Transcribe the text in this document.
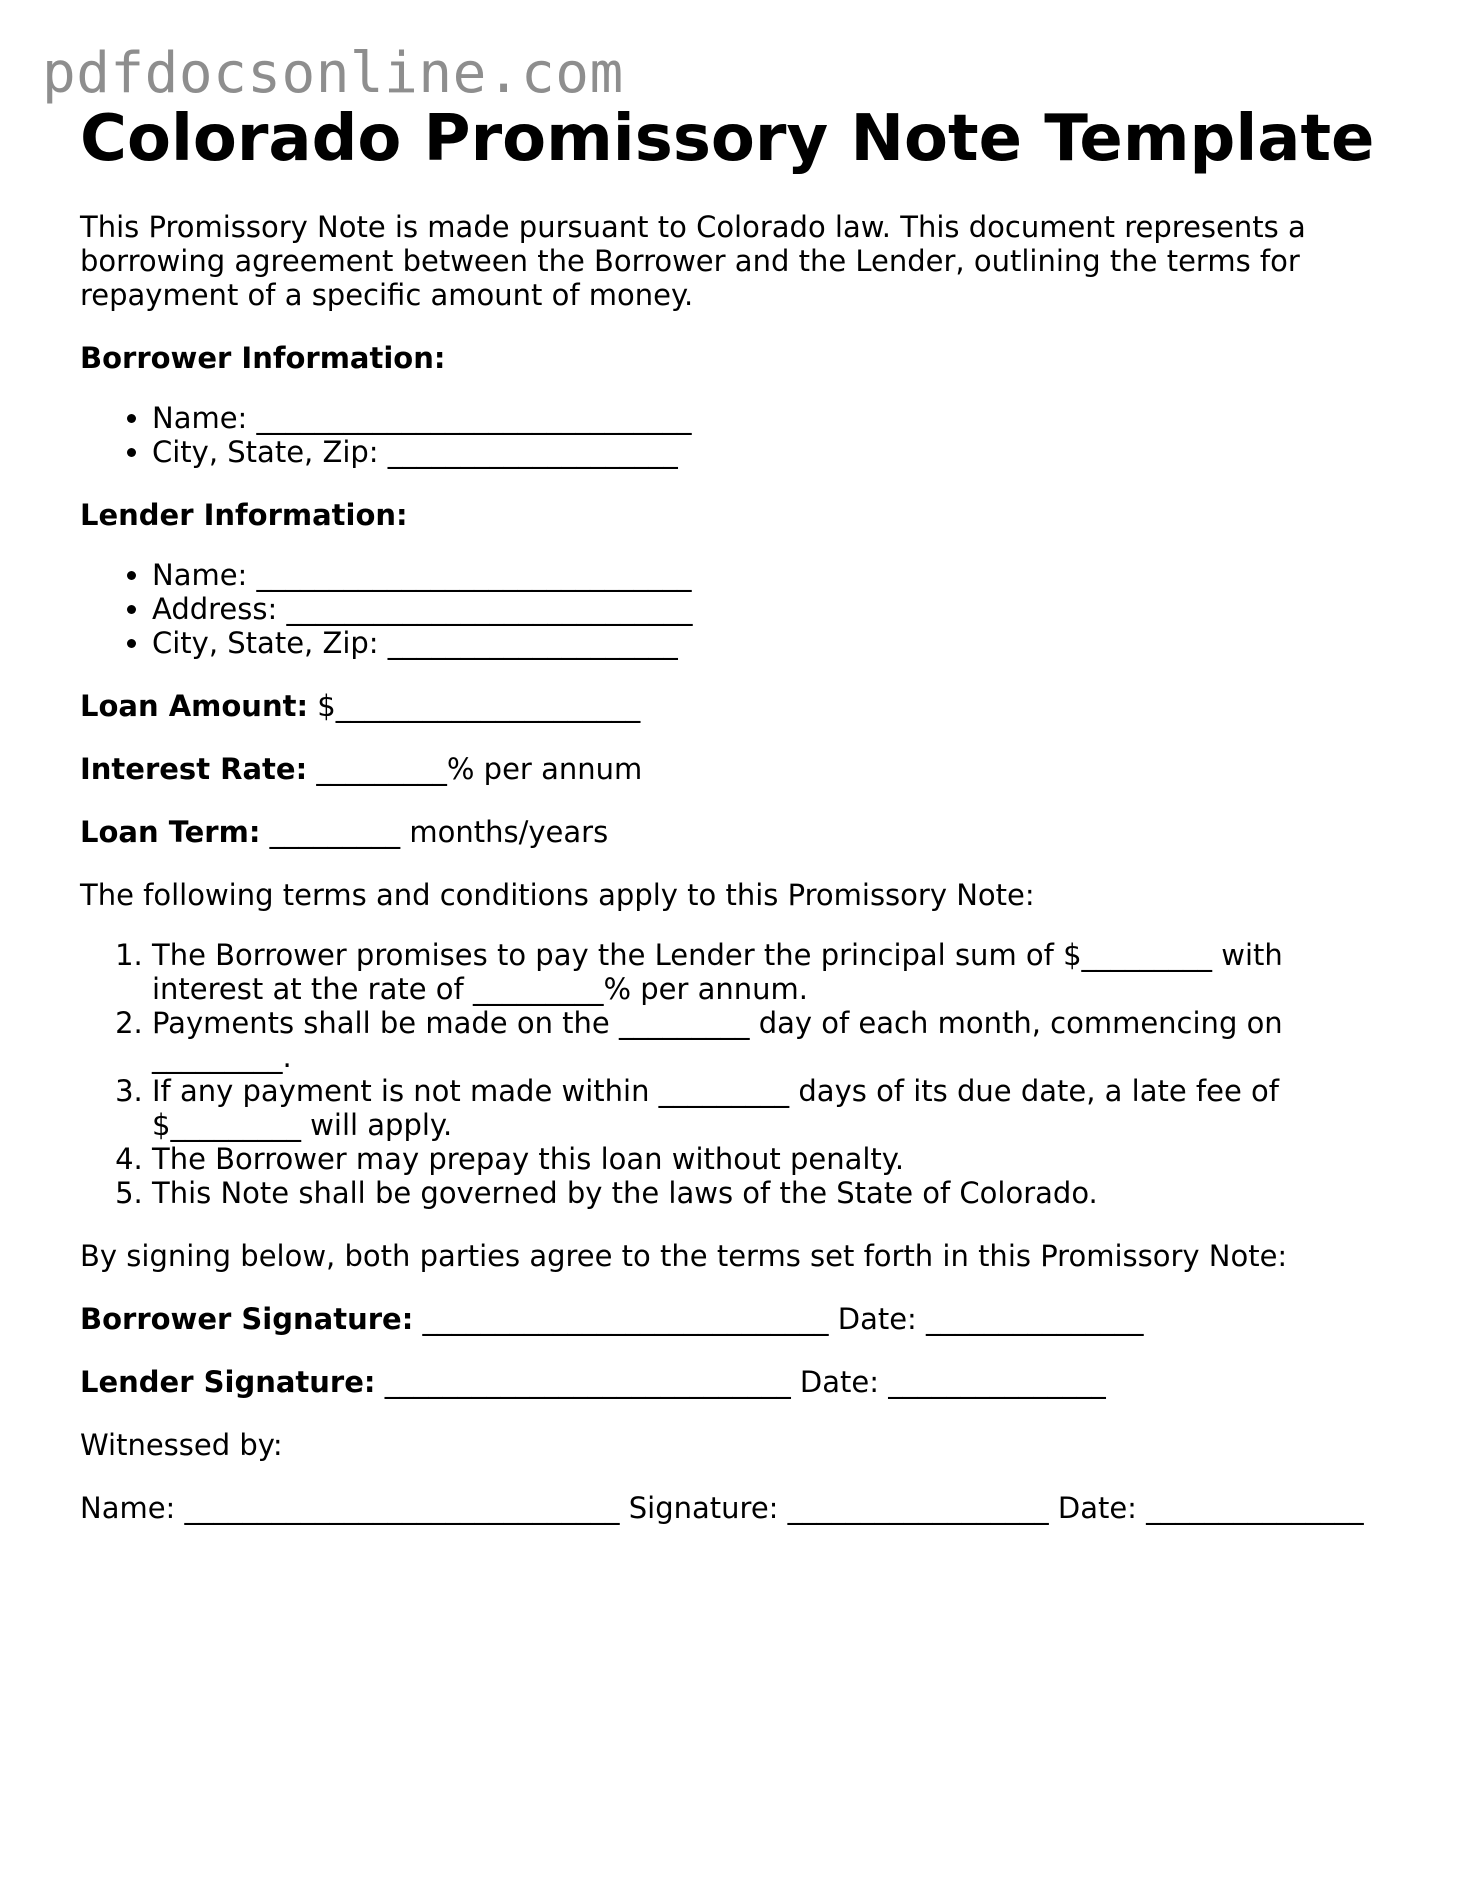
pdfdocsonline.com
Colorado Promissory Note Template

This Promissory Note is made pursuant to Colorado law. This document represents a borrowing agreement between the Borrower and the Lender, outlining the terms for repayment of a specific amount of money.

Borrower Information:

• Name: ______________________________
• City, State, Zip: ____________________

Lender Information:

• Name: ______________________________
• Address: ____________________________
• City, State, Zip: ____________________

Loan Amount: $_____________________

Interest Rate: _________% per annum

Loan Term: _________ months/years

The following terms and conditions apply to this Promissory Note:

1. The Borrower promises to pay the Lender the principal sum of $_________ with interest at the rate of _________% per annum.
2. Payments shall be made on the _________ day of each month, commencing on _________.
3. If any payment is not made within _________ days of its due date, a late fee of $_________ will apply.
4. The Borrower may prepay this loan without penalty.
5. This Note shall be governed by the laws of the State of Colorado.

By signing below, both parties agree to the terms set forth in this Promissory Note:

Borrower Signature: ____________________________ Date: _______________

Lender Signature: ____________________________ Date: _______________

Witnessed by:

Name: ______________________________ Signature: __________________ Date: _______________
